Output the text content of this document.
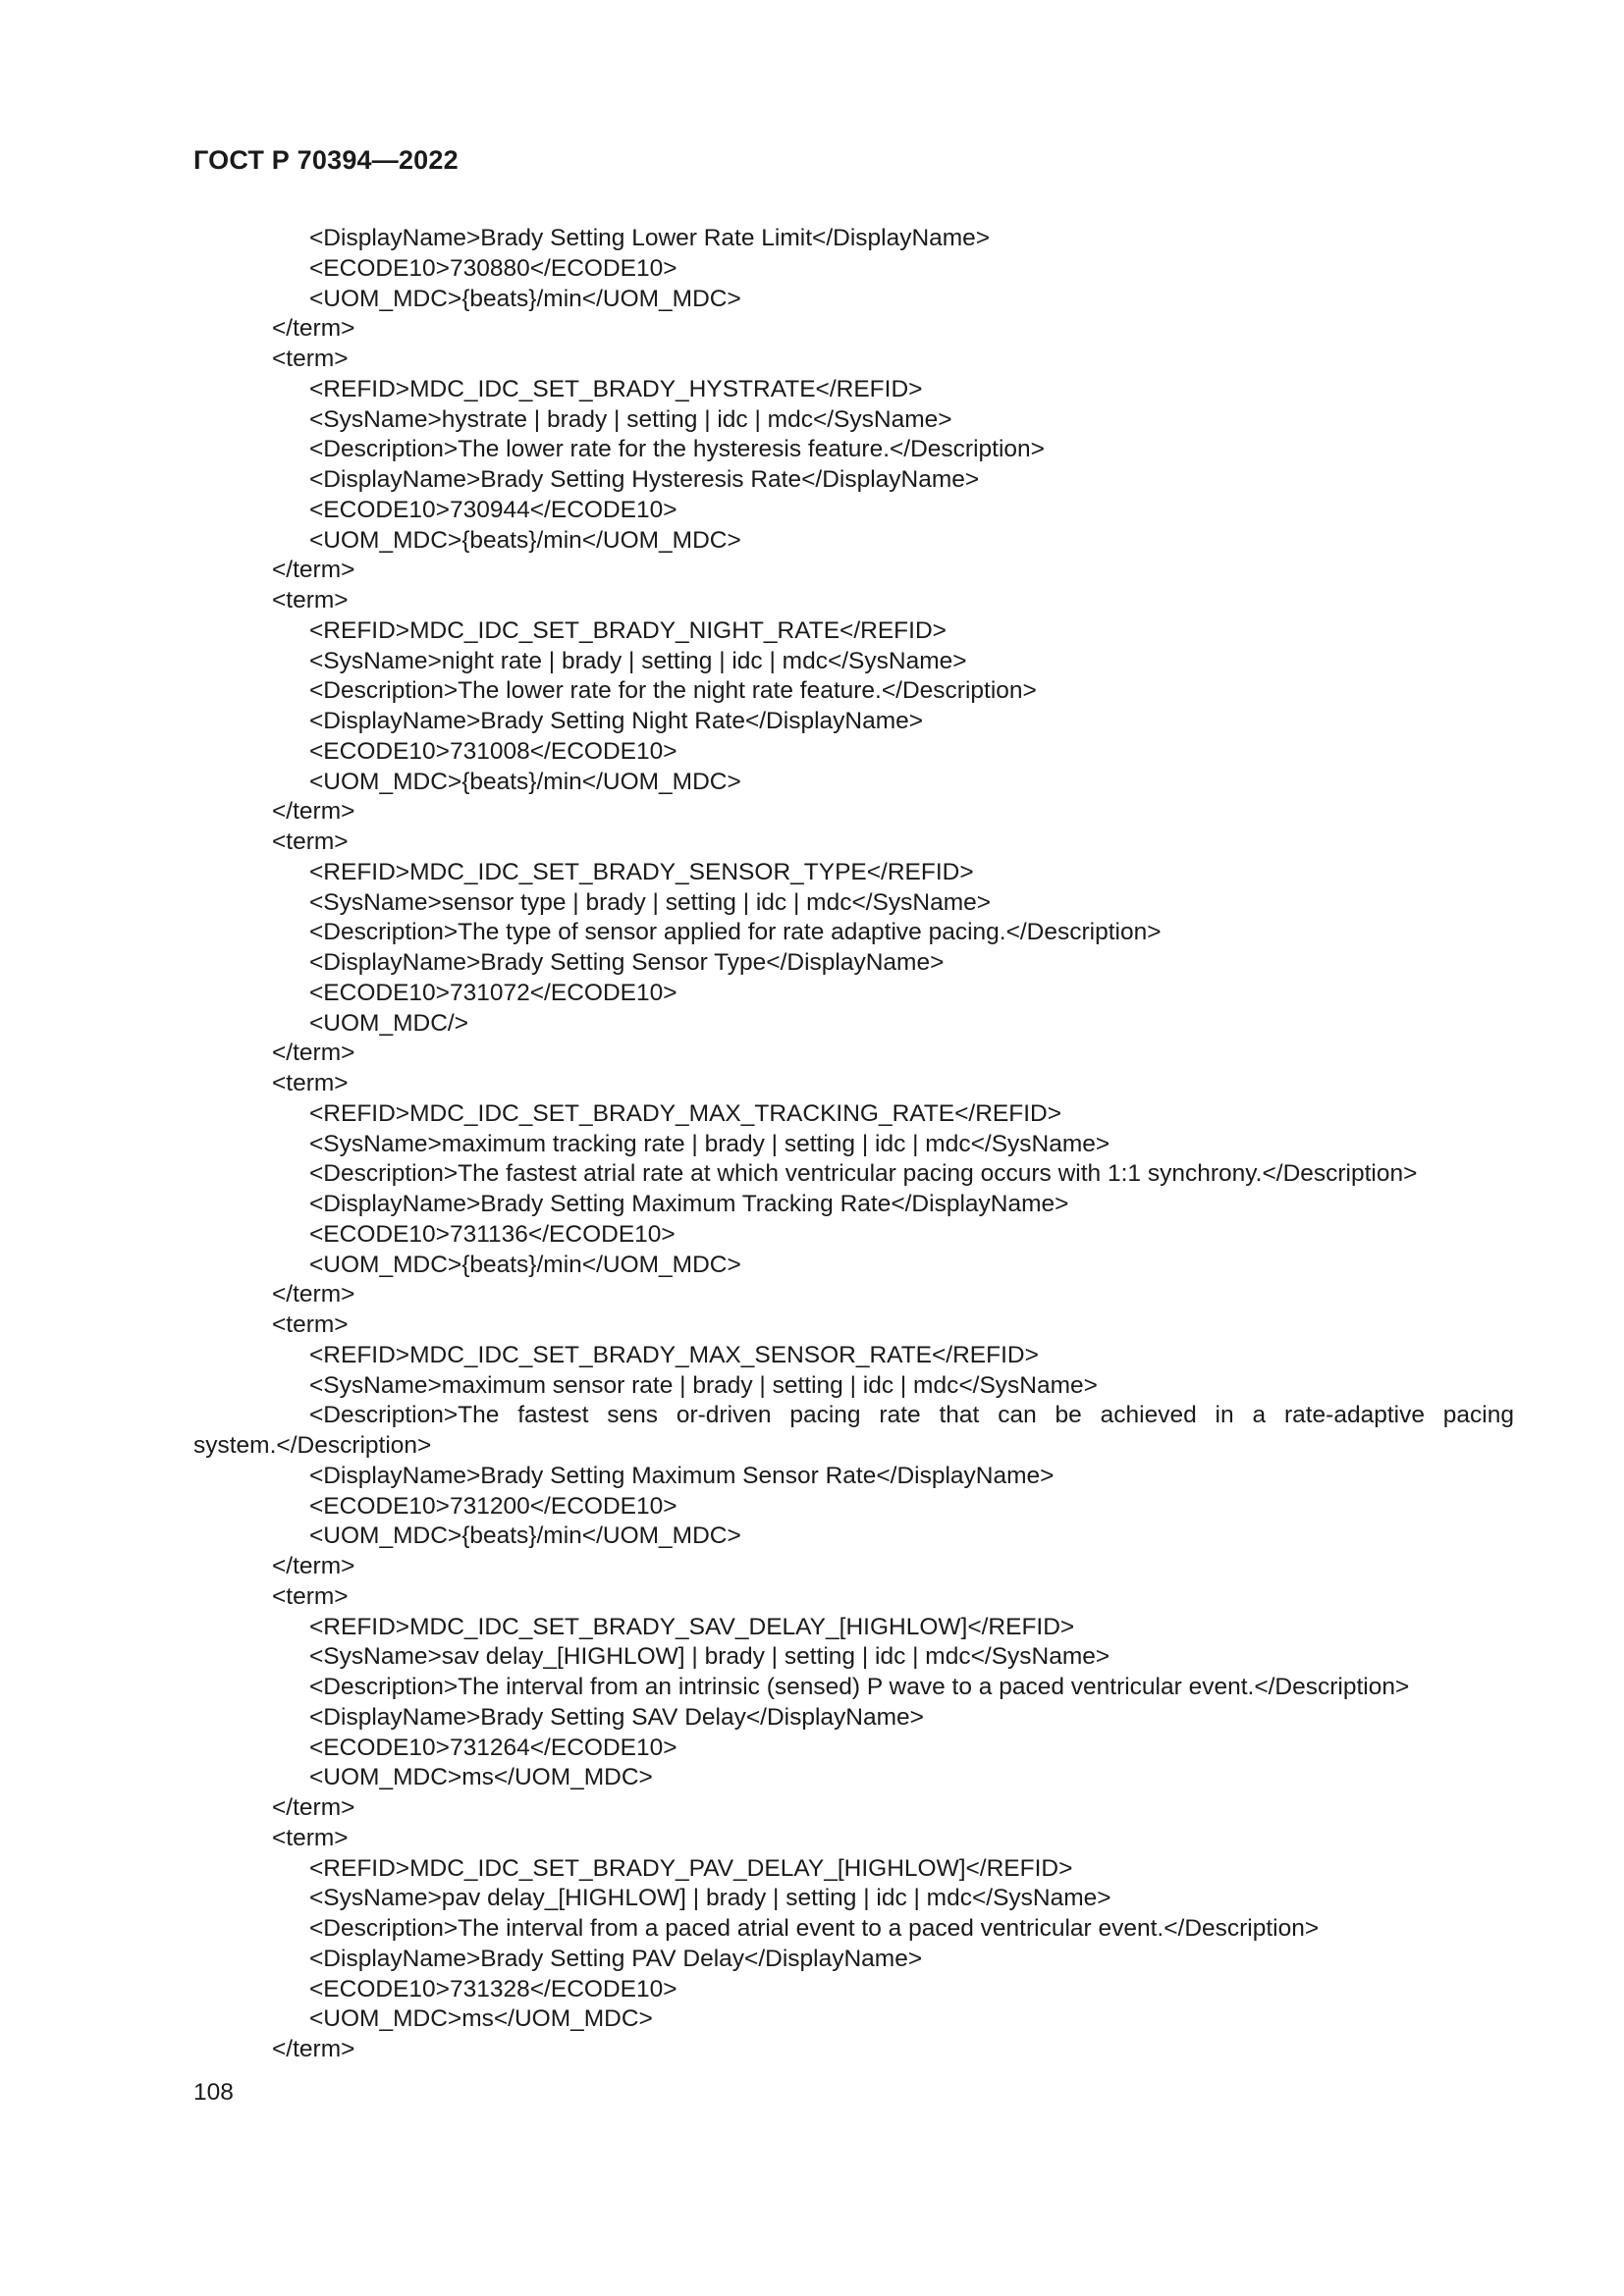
ГОСТ Р 70394—2022
<DisplayName>Brady Setting Lower Rate Limit</DisplayName>
<ECODE10>730880</ECODE10>
<UOM_MDC>{beats}/min</UOM_MDC>
</term>
<term>
<REFID>MDC_IDC_SET_BRADY_HYSTRATE</REFID>
<SysName>hystrate | brady | setting | idc | mdc</SysName>
<Description>The lower rate for the hysteresis feature.</Description>
<DisplayName>Brady Setting Hysteresis Rate</DisplayName>
<ECODE10>730944</ECODE10>
<UOM_MDC>{beats}/min</UOM_MDC>
</term>
<term>
<REFID>MDC_IDC_SET_BRADY_NIGHT_RATE</REFID>
<SysName>night rate | brady | setting | idc | mdc</SysName>
<Description>The lower rate for the night rate feature.</Description>
<DisplayName>Brady Setting Night Rate</DisplayName>
<ECODE10>731008</ECODE10>
<UOM_MDC>{beats}/min</UOM_MDC>
</term>
<term>
<REFID>MDC_IDC_SET_BRADY_SENSOR_TYPE</REFID>
<SysName>sensor type | brady | setting | idc | mdc</SysName>
<Description>The type of sensor applied for rate adaptive pacing.</Description>
<DisplayName>Brady Setting Sensor Type</DisplayName>
<ECODE10>731072</ECODE10>
<UOM_MDC/>
</term>
<term>
<REFID>MDC_IDC_SET_BRADY_MAX_TRACKING_RATE</REFID>
<SysName>maximum tracking rate | brady | setting | idc | mdc</SysName>
<Description>The fastest atrial rate at which ventricular pacing occurs with 1:1 synchrony.</Description>
<DisplayName>Brady Setting Maximum Tracking Rate</DisplayName>
<ECODE10>731136</ECODE10>
<UOM_MDC>{beats}/min</UOM_MDC>
</term>
<term>
<REFID>MDC_IDC_SET_BRADY_MAX_SENSOR_RATE</REFID>
<SysName>maximum sensor rate | brady | setting | idc | mdc</SysName>
<Description>The fastest sens or-driven pacing rate that can be achieved in a rate-adaptive pacing
system.</Description>
<DisplayName>Brady Setting Maximum Sensor Rate</DisplayName>
<ECODE10>731200</ECODE10>
<UOM_MDC>{beats}/min</UOM_MDC>
</term>
<term>
<REFID>MDC_IDC_SET_BRADY_SAV_DELAY_[HIGHLOW]</REFID>
<SysName>sav delay_[HIGHLOW] | brady | setting | idc | mdc</SysName>
<Description>The interval from an intrinsic (sensed) P wave to a paced ventricular event.</Description>
<DisplayName>Brady Setting SAV Delay</DisplayName>
<ECODE10>731264</ECODE10>
<UOM_MDC>ms</UOM_MDC>
</term>
<term>
<REFID>MDC_IDC_SET_BRADY_PAV_DELAY_[HIGHLOW]</REFID>
<SysName>pav delay_[HIGHLOW] | brady | setting | idc | mdc</SysName>
<Description>The interval from a paced atrial event to a paced ventricular event.</Description>
<DisplayName>Brady Setting PAV Delay</DisplayName>
<ECODE10>731328</ECODE10>
<UOM_MDC>ms</UOM_MDC>
</term>

108
